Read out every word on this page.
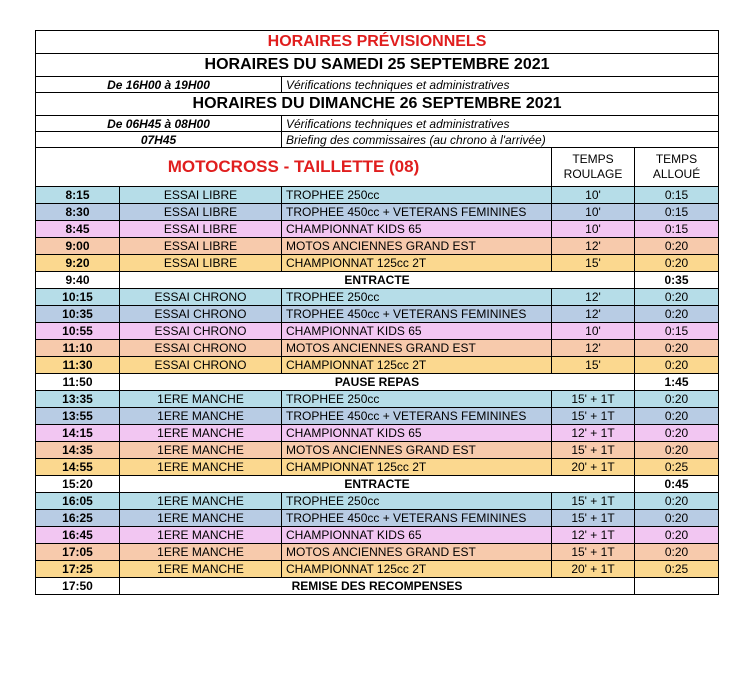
HORAIRES PRÉVISIONNELS				
HORAIRES DU SAMEDI 25 SEPTEMBRE 2021				
De 16H00 à 19H00		Vérifications techniques et administratives		
HORAIRES DU DIMANCHE 26 SEPTEMBRE 2021				
De 06H45 à 08H00		Vérifications techniques et administratives		
07H45		Briefing des commissaires (au chrono à l'arrivée)		
MOTOCROSS - TAILLETTE (08)			TEMPS ROULAGE	TEMPS ALLOUÉ
8:15	ESSAI LIBRE	TROPHEE 250cc	10'	0:15
8:30	ESSAI LIBRE	TROPHEE 450cc + VETERANS FEMININES	10'	0:15
8:45	ESSAI LIBRE	CHAMPIONNAT KIDS 65	10'	0:15
9:00	ESSAI LIBRE	MOTOS ANCIENNES GRAND EST	12'	0:20
9:20	ESSAI LIBRE	CHAMPIONNAT 125cc 2T	15'	0:20
9:40	ENTRACTE			0:35
10:15	ESSAI CHRONO	TROPHEE 250cc	12'	0:20
10:35	ESSAI CHRONO	TROPHEE 450cc + VETERANS FEMININES	12'	0:20
10:55	ESSAI CHRONO	CHAMPIONNAT KIDS 65	10'	0:15
11:10	ESSAI CHRONO	MOTOS ANCIENNES GRAND EST	12'	0:20
11:30	ESSAI CHRONO	CHAMPIONNAT 125cc 2T	15'	0:20
11:50	PAUSE REPAS			1:45
13:35	1ERE MANCHE	TROPHEE 250cc	15' + 1T	0:20
13:55	1ERE MANCHE	TROPHEE 450cc + VETERANS FEMININES	15' + 1T	0:20
14:15	1ERE MANCHE	CHAMPIONNAT KIDS 65	12' + 1T	0:20
14:35	1ERE MANCHE	MOTOS ANCIENNES GRAND EST	15' + 1T	0:20
14:55	1ERE MANCHE	CHAMPIONNAT 125cc 2T	20' + 1T	0:25
15:20	ENTRACTE			0:45
16:05	1ERE MANCHE	TROPHEE 250cc	15' + 1T	0:20
16:25	1ERE MANCHE	TROPHEE 450cc + VETERANS FEMININES	15' + 1T	0:20
16:45	1ERE MANCHE	CHAMPIONNAT KIDS 65	12' + 1T	0:20
17:05	1ERE MANCHE	MOTOS ANCIENNES GRAND EST	15' + 1T	0:20
17:25	1ERE MANCHE	CHAMPIONNAT 125cc 2T	20' + 1T	0:25
17:50	REMISE DES RECOMPENSES			
